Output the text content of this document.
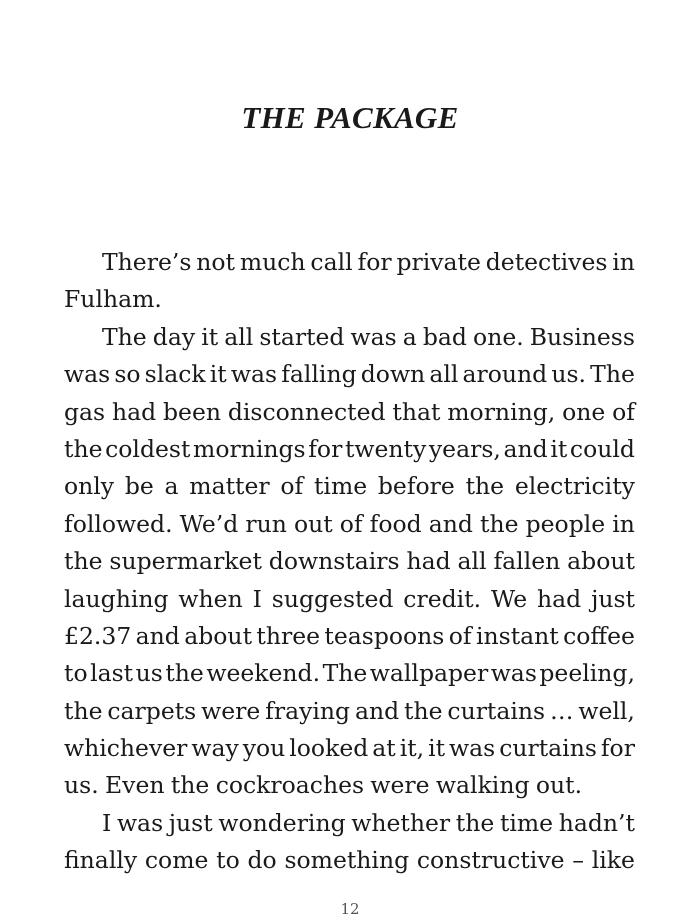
THE PACKAGE
There’s not much call for private detectives in
Fulham.
The day it all started was a bad one. Business
was so slack it was falling down all around us. The
gas had been disconnected that morning, one of
the coldest mornings for twenty years, and it could
only be a matter of time before the electricity
followed. We’d run out of food and the people in
the supermarket downstairs had all fallen about
laughing when I suggested credit. We had just
£2.37 and about three teaspoons of instant coffee
to last us the weekend. The wallpaper was peeling,
the carpets were fraying and the curtains … well,
whichever way you looked at it, it was curtains for
us. Even the cockroaches were walking out.
I was just wondering whether the time hadn’t
finally come to do something constructive – like
12
